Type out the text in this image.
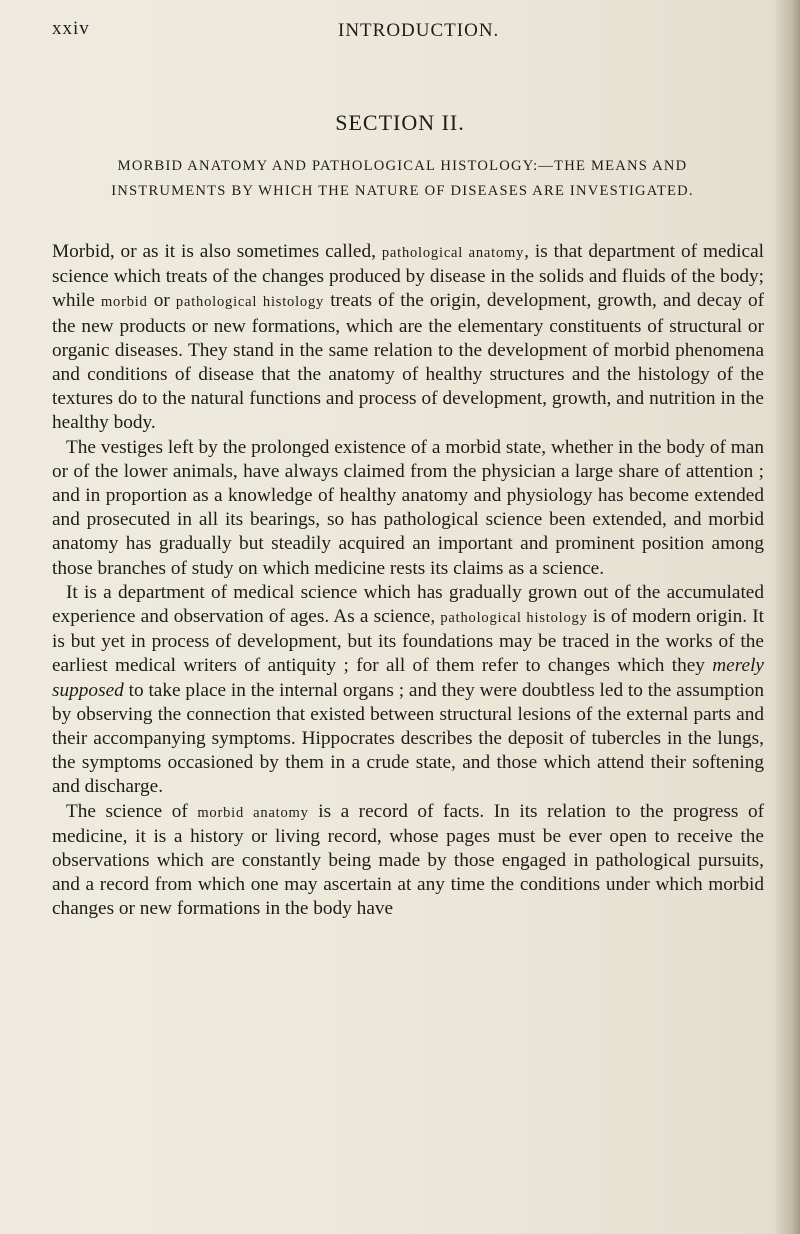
xxiv	INTRODUCTION.
SECTION II.
MORBID ANATOMY AND PATHOLOGICAL HISTOLOGY:—THE MEANS AND INSTRUMENTS BY WHICH THE NATURE OF DISEASES ARE INVESTIGATED.

Morbid, or as it is also sometimes called, pathological anatomy, is that department of medical science which treats of the changes produced by disease in the solids and fluids of the body; while morbid or pathological histology treats of the origin, development, growth, and decay of the new products or new formations, which are the elementary constituents of structural or organic diseases. They stand in the same relation to the development of morbid phenomena and conditions of disease that the anatomy of healthy structures and the histology of the textures do to the natural functions and process of development, growth, and nutrition in the healthy body.

The vestiges left by the prolonged existence of a morbid state, whether in the body of man or of the lower animals, have always claimed from the physician a large share of attention ; and in proportion as a knowledge of healthy anatomy and physiology has become extended and prosecuted in all its bearings, so has pathological science been extended, and morbid anatomy has gradually but steadily acquired an important and prominent position among those branches of study on which medicine rests its claims as a science.

It is a department of medical science which has gradually grown out of the accumulated experience and observation of ages. As a science, pathological histology is of modern origin. It is but yet in process of development, but its foundations may be traced in the works of the earliest medical writers of antiquity ; for all of them refer to changes which they merely supposed to take place in the internal organs ; and they were doubtless led to the assumption by observing the connection that existed between structural lesions of the external parts and their accompanying symptoms. Hippocrates describes the deposit of tubercles in the lungs, the symptoms occasioned by them in a crude state, and those which attend their softening and discharge.

The science of morbid anatomy is a record of facts. In its relation to the progress of medicine, it is a history or living record, whose pages must be ever open to receive the observations which are constantly being made by those engaged in pathological pursuits, and a record from which one may ascertain at any time the conditions under which morbid changes or new formations in the body have
